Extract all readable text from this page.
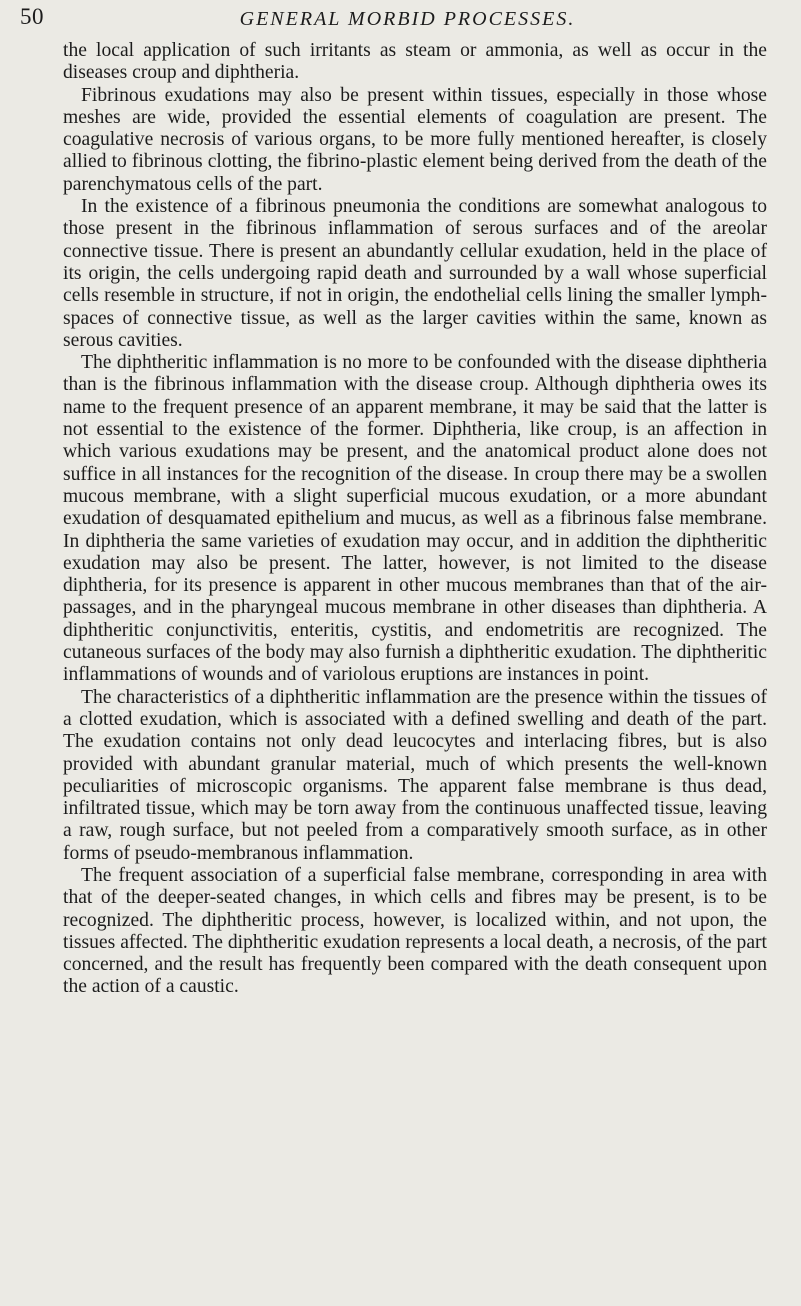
50	GENERAL MORBID PROCESSES.

the local application of such irritants as steam or ammonia, as well as occur in the diseases croup and diphtheria.

Fibrinous exudations may also be present within tissues, especially in those whose meshes are wide, provided the essential elements of coagulation are present. The coagulative necrosis of various organs, to be more fully mentioned hereafter, is closely allied to fibrinous clotting, the fibrino-plastic element being derived from the death of the parenchymatous cells of the part.

In the existence of a fibrinous pneumonia the conditions are somewhat analogous to those present in the fibrinous inflammation of serous surfaces and of the areolar connective tissue. There is present an abundantly cellular exudation, held in the place of its origin, the cells undergoing rapid death and surrounded by a wall whose superficial cells resemble in structure, if not in origin, the endothelial cells lining the smaller lymph-spaces of connective tissue, as well as the larger cavities within the same, known as serous cavities.

The diphtheritic inflammation is no more to be confounded with the disease diphtheria than is the fibrinous inflammation with the disease croup. Although diphtheria owes its name to the frequent presence of an apparent membrane, it may be said that the latter is not essential to the existence of the former. Diphtheria, like croup, is an affection in which various exudations may be present, and the anatomical product alone does not suffice in all instances for the recognition of the disease. In croup there may be a swollen mucous membrane, with a slight superficial mucous exudation, or a more abundant exudation of desquamated epithelium and mucus, as well as a fibrinous false membrane. In diphtheria the same varieties of exudation may occur, and in addition the diphtheritic exudation may also be present. The latter, however, is not limited to the disease diphtheria, for its presence is apparent in other mucous membranes than that of the air-passages, and in the pharyngeal mucous membrane in other diseases than diphtheria. A diphtheritic conjunctivitis, enteritis, cystitis, and endometritis are recognized. The cutaneous surfaces of the body may also furnish a diphtheritic exudation. The diphtheritic inflammations of wounds and of variolous eruptions are instances in point.

The characteristics of a diphtheritic inflammation are the presence within the tissues of a clotted exudation, which is associated with a defined swelling and death of the part. The exudation contains not only dead leucocytes and interlacing fibres, but is also provided with abundant granular material, much of which presents the well-known peculiarities of microscopic organisms. The apparent false membrane is thus dead, infiltrated tissue, which may be torn away from the continuous unaffected tissue, leaving a raw, rough surface, but not peeled from a comparatively smooth surface, as in other forms of pseudo-membranous inflammation.

The frequent association of a superficial false membrane, corresponding in area with that of the deeper-seated changes, in which cells and fibres may be present, is to be recognized. The diphtheritic process, however, is localized within, and not upon, the tissues affected. The diphtheritic exudation represents a local death, a necrosis, of the part concerned, and the result has frequently been compared with the death consequent upon the action of a caustic.
